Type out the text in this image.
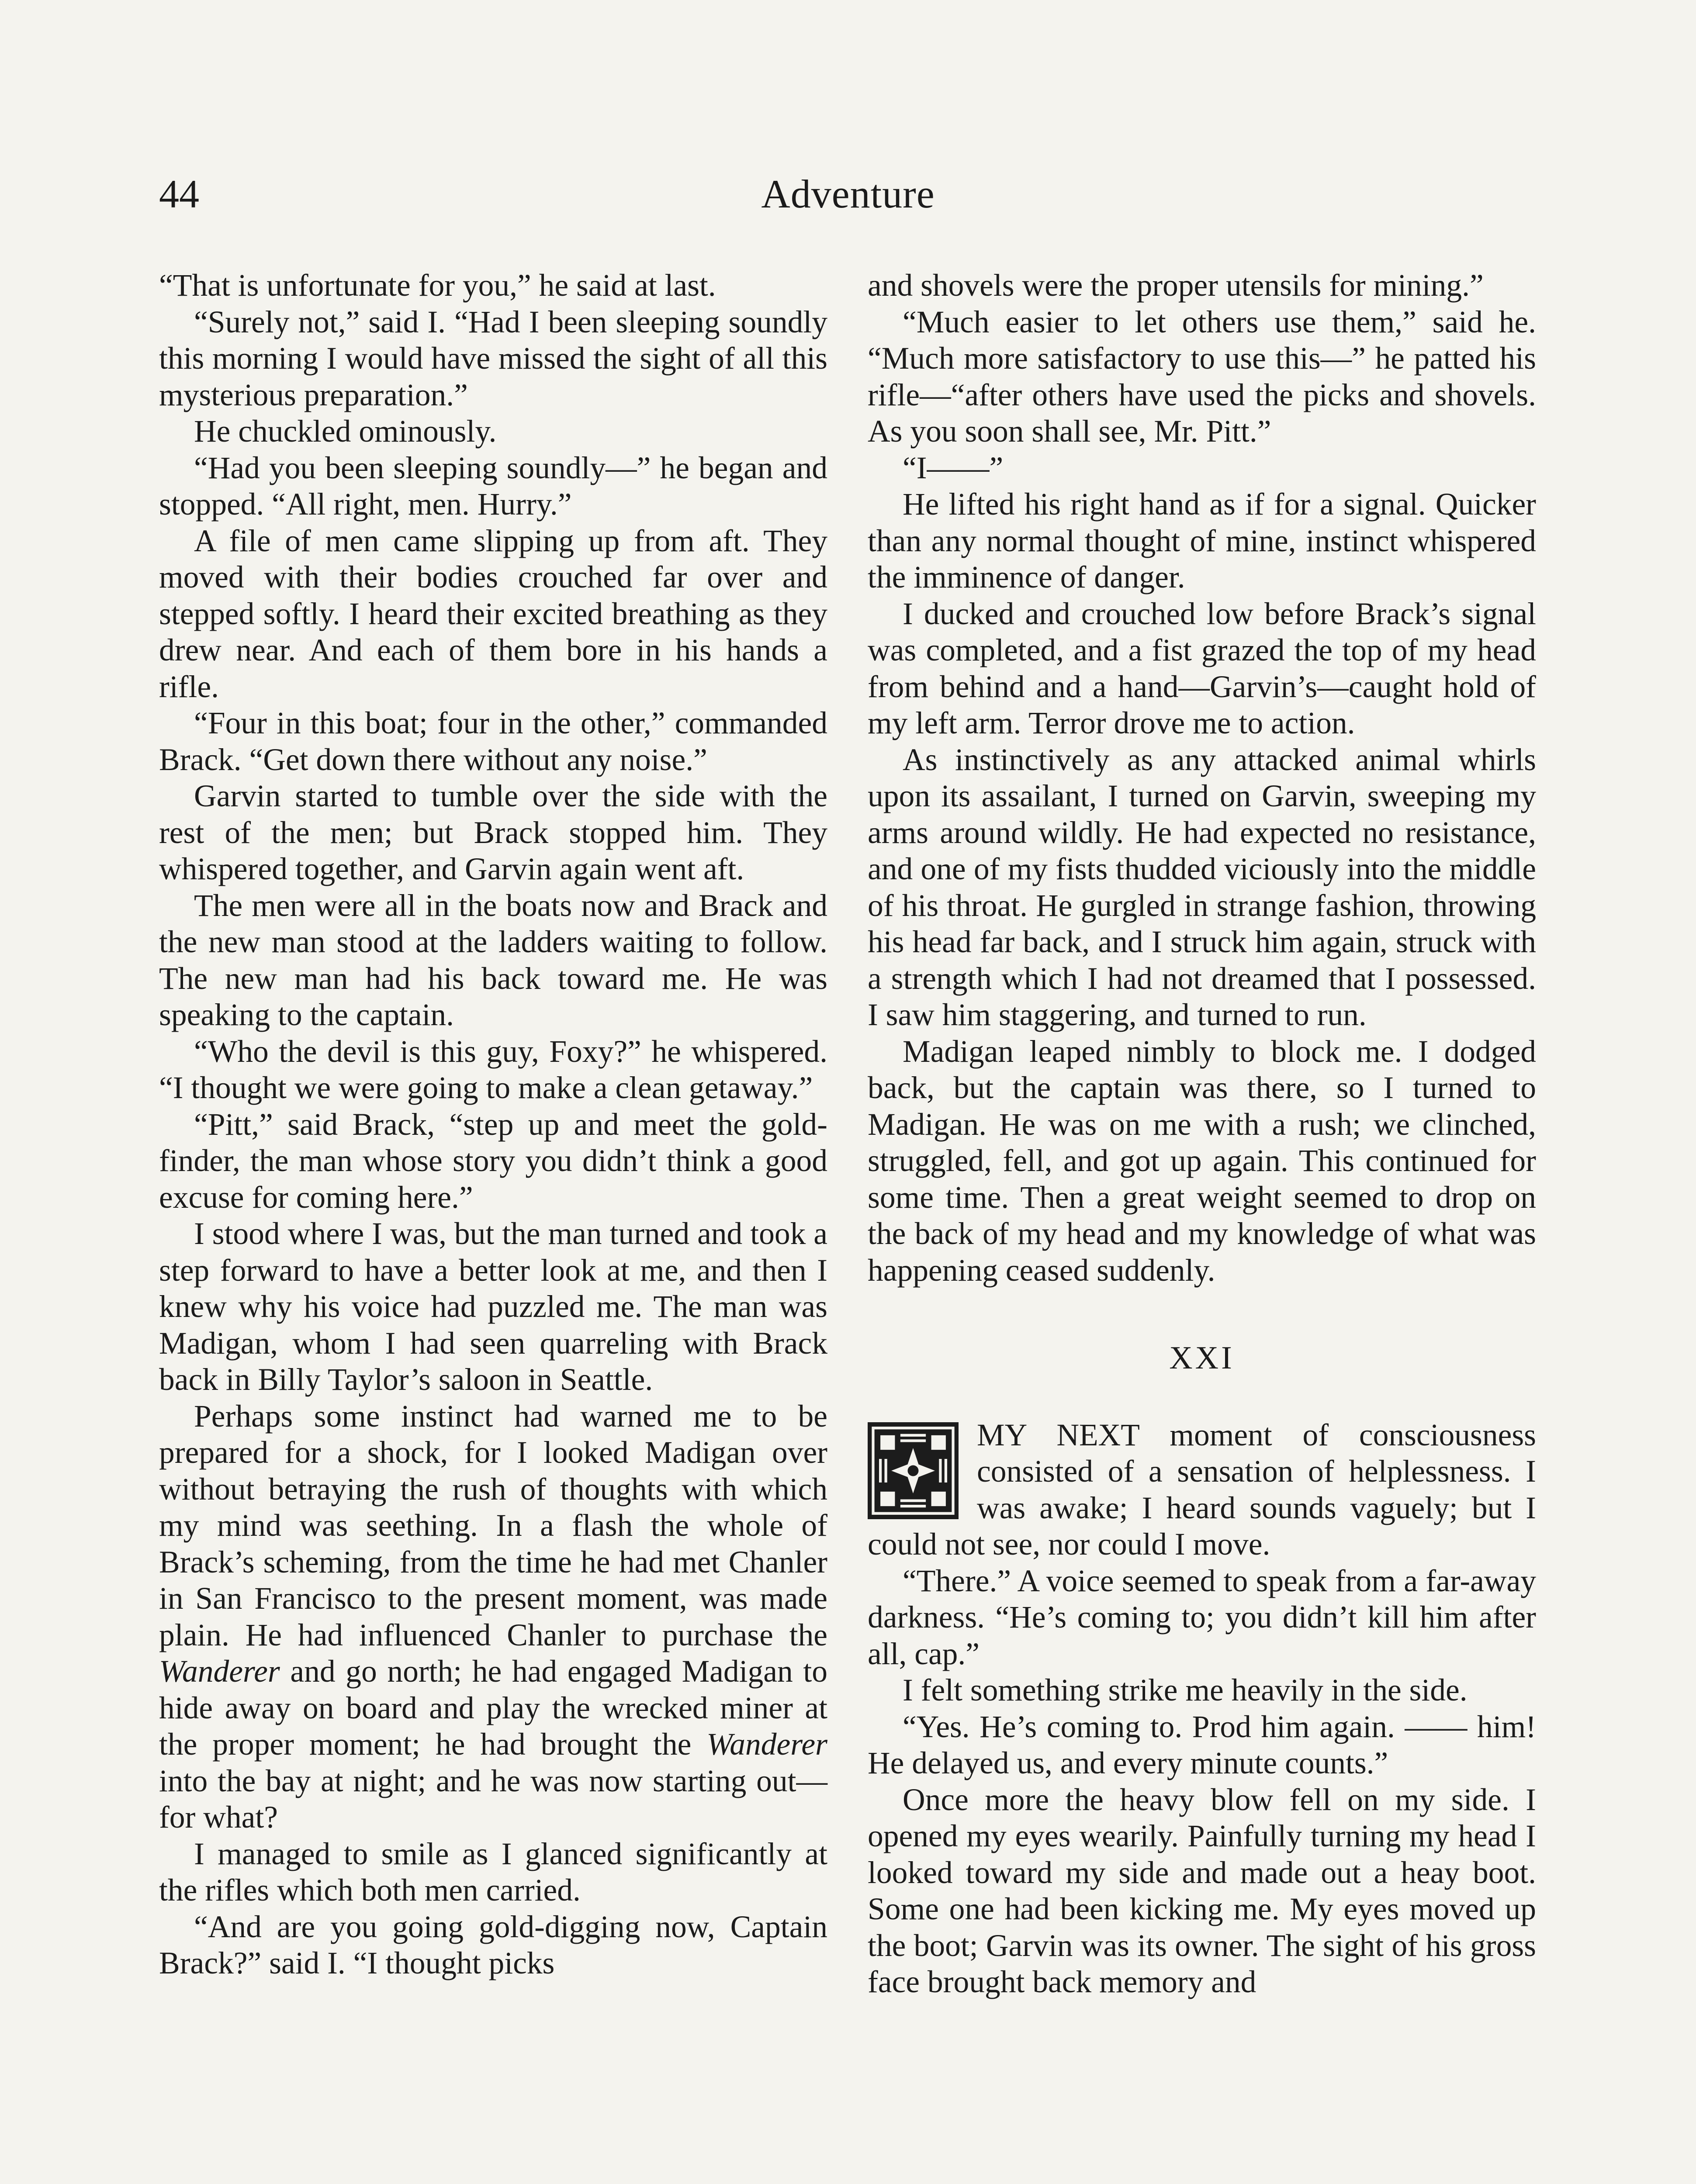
44	Adventure

“That is unfortunate for you,” he said at last.

“Surely not,” said I. “Had I been sleeping soundly this morning I would have missed the sight of all this mysterious preparation.”

He chuckled ominously.

“Had you been sleeping soundly—” he began and stopped. “All right, men. Hurry.”

A file of men came slipping up from aft. They moved with their bodies crouched far over and stepped softly. I heard their excited breathing as they drew near. And each of them bore in his hands a rifle.

“Four in this boat; four in the other,” commanded Brack. “Get down there without any noise.”

Garvin started to tumble over the side with the rest of the men; but Brack stopped him. They whispered together, and Garvin again went aft.

The men were all in the boats now and Brack and the new man stood at the ladders waiting to follow. The new man had his back toward me. He was speaking to the captain.

“Who the devil is this guy, Foxy?” he whispered. “I thought we were going to make a clean getaway.”

“Pitt,” said Brack, “step up and meet the gold-finder, the man whose story you didn’t think a good excuse for coming here.”

I stood where I was, but the man turned and took a step forward to have a better look at me, and then I knew why his voice had puzzled me. The man was Madigan, whom I had seen quarreling with Brack back in Billy Taylor’s saloon in Seattle.

Perhaps some instinct had warned me to be prepared for a shock, for I looked Madigan over without betraying the rush of thoughts with which my mind was seething. In a flash the whole of Brack’s scheming, from the time he had met Chanler in San Francisco to the present moment, was made plain. He had influenced Chanler to purchase the Wanderer and go north; he had engaged Madigan to hide away on board and play the wrecked miner at the proper moment; he had brought the Wanderer into the bay at night; and he was now starting out—for what?

I managed to smile as I glanced significantly at the rifles which both men carried.

“And are you going gold-digging now, Captain Brack?” said I. “I thought picks

and shovels were the proper utensils for mining.”

“Much easier to let others use them,” said he. “Much more satisfactory to use this—” he patted his rifle—“after others have used the picks and shovels. As you soon shall see, Mr. Pitt.”

“I——”

He lifted his right hand as if for a signal. Quicker than any normal thought of mine, instinct whispered the imminence of danger.

I ducked and crouched low before Brack’s signal was completed, and a fist grazed the top of my head from behind and a hand—Garvin’s—caught hold of my left arm. Terror drove me to action.

As instinctively as any attacked animal whirls upon its assailant, I turned on Garvin, sweeping my arms around wildly. He had expected no resistance, and one of my fists thudded viciously into the middle of his throat. He gurgled in strange fashion, throwing his head far back, and I struck him again, struck with a strength which I had not dreamed that I possessed. I saw him staggering, and turned to run.

Madigan leaped nimbly to block me. I dodged back, but the captain was there, so I turned to Madigan. He was on me with a rush; we clinched, struggled, fell, and got up again. This continued for some time. Then a great weight seemed to drop on the back of my head and my knowledge of what was happening ceased suddenly.

XXI

MY NEXT moment of consciousness consisted of a sensation of helplessness. I was awake; I heard sounds vaguely; but I could not see, nor could I move.

“There.” A voice seemed to speak from a far-away darkness. “He’s coming to; you didn’t kill him after all, cap.”

I felt something strike me heavily in the side.

“Yes. He’s coming to. Prod him again. —— him! He delayed us, and every minute counts.”

Once more the heavy blow fell on my side. I opened my eyes wearily. Painfully turning my head I looked toward my side and made out a heay boot. Some one had been kicking me. My eyes moved up the boot; Garvin was its owner. The sight of his gross face brought back memory and
